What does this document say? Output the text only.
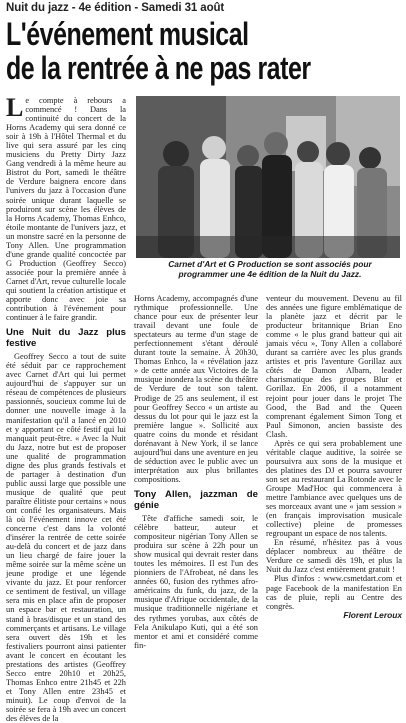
Nuit du jazz - 4e édition - Samedi 31 août
L'événement musical
de la rentrée à ne pas rater
L e compte à rebours a commencé ! Dans la continuité du concert de la Horns Academy qui sera donné ce soir à 19h à l'Hôtel Thermal et du live qui sera assuré par les cinq musiciens du Pretty Dirty Jazz Gang vendredi à la même heure au Bistrot du Port, samedi le théâtre de Verdure baignera encore dans l'univers du jazz à l'occasion d'une soirée unique durant laquelle se produiront sur scène les élèves de la Horns Academy, Thomas Enhco, étoile montante de l'univers jazz, et un monstre sacré en la personne de Tony Allen. Une programmation d'une grande qualité concoctée par G Production (Geoffrey Secco) associée pour la première année à Carnet d'Art, revue culturelle locale qui soutient la création artistique et apporte donc avec joie sa contribution à l'événement pour continuer à le faire grandir.

Une Nuit du Jazz plus festive

Geoffrey Secco a tout de suite été séduit par ce rapprochement avec Carnet d'Art qui lui permet aujourd'hui de s'appuyer sur un réseau de compétences de plusieurs passionnés, soucieux comme lui de donner une nouvelle image à la manifestation qu'il a lancé en 2010 et y apportant ce côté festif qui lui manquait peut-être. « Avec la Nuit du Jazz, notre but est de proposer une qualité de programmation digne des plus grands festivals et de partager à destination d'un public aussi large que possible une musique de qualité que peut paraître élitiste pour certains » nous ont confié les organisateurs. Mais là où l'événement innove cet été concerne c'est dans la volonté d'insérer la rentrée de cette soirée au-delà du concert et de jazz dans un lieu chargé de faire jouer la même soirée sur la même scène un jeune prodige et une légende vivante du jazz. Et pour renforcer ce sentiment de festival, un village sera mis en place afin de proposer un espace bar et restauration, un stand à bras/disque et un stand des commerçants et artisans. Le village sera ouvert dès 19h et les festivaliers pourront ainsi patienter avant le concert en écoutant les prestations des artistes (Geoffrey Secco entre 20h10 et 20h25, Thomas Enhco entre 21h45 et 22h et Tony Allen entre 23h45 et minuit). Le coup d'envoi de la soirée se fera à 19h avec un concert des élèves de la

Carnet d'Art et G Production se sont associés pour programmer une 4e édition de la Nuit du Jazz.

Horns Academy, accompagnés d'une rythmique professionnelle. Une chance pour eux de présenter leur travail devant une foule de spectateurs au terme d'un stage de perfectionnement s'étant déroulé durant toute la semaine. À 20h30, Thomas Enhco, la « révélation jazz » de cette année aux Victoires de la musique inondera la scène du théâtre de Verdure de tout son talent. Prodige de 25 ans seulement, il est pour Geoffrey Secco « un artiste au dessus du lot pour qui le jazz est la première langue ». Sollicité aux quatre coins du monde et résidant dorénavant à New York, il se lance aujourd'hui dans une aventure en jeu de séduction avec le public avec un interprétation aux plus brillantes compositions.

Tony Allen, jazzman de génie

Tête d'affiche samedi soir, le célèbre batteur, auteur et compositeur nigérian Tony Allen se produira sur scène à 22h pour un show musical qui devrait rester dans toutes les mémoires. Il est l'un des pionniers de l'Afrobeat, né dans les années 60, fusion des rythmes afro-américains du funk, du jazz, de la musique d'Afrique occidentale, de la musique traditionnelle nigériane et des rythmes yorubas, aux côtés de Fela Anikulapo Kuti, qui a été son mentor et ami et considéré comme fin-

venteur du mouvement. Devenu au fil des années une figure emblématique de la planète jazz et décrit par le producteur britannique Brian Eno comme « le plus grand batteur qui ait jamais vécu », Tony Allen a collaboré durant sa carrière avec les plus grands artistes et pris l'aventure Gorillaz aux côtés de Damon Albarn, leader charismatique des groupes Blur et Gorillaz. En 2006, il a notamment rejoint pour jouer dans le projet The Good, the Bad and the Queen comprenant également Simon Tong et Paul Simonon, ancien bassiste des Clash.

Après ce qui sera probablement une véritable claque auditive, la soirée se poursuivra aux sons de la musique et des platines des DJ et pourra savourer son set au restaurant La Rotonde avec le Groupe Mad'Hoc qui commencera à mettre l'ambiance avec quelques uns de ses morceaux avant une « jam session » (en français improvisation musicale collective) pleine de promesses regroupant un espace de nos talents.

En résumé, n'hésitez pas à vous déplacer nombreux au théâtre de Verdure ce samedi dès 19h, et plus la Nuit du Jazz c'est entièrement gratuit !

Plus d'infos : www.csmetdart.com et page Facebook de la manifestation En cas de pluie, repli au Centre des congrès.

Florent Leroux
